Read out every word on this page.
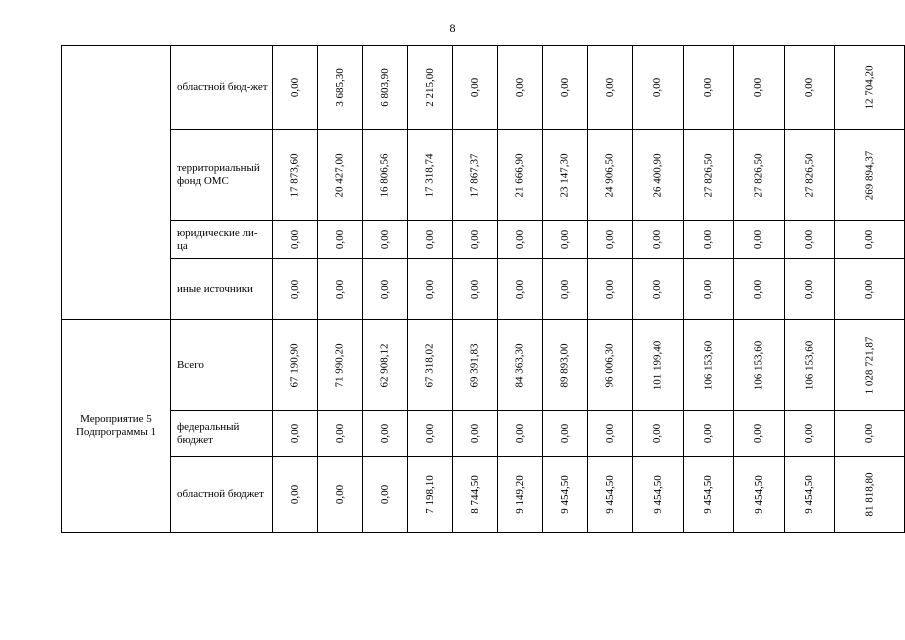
8
	областной бюд-жет	0,00	3 685,30	6 803,90	2 215,00	0,00	0,00	0,00	0,00	0,00	0,00	0,00	0,00	12 704,20
	территориальный фонд ОМС	17 873,60	20 427,00	16 806,56	17 318,74	17 867,37	21 666,90	23 147,30	24 906,50	26 400,90	27 826,50	27 826,50	27 826,50	269 894,37
	юридические ли-ца	0,00	0,00	0,00	0,00	0,00	0,00	0,00	0,00	0,00	0,00	0,00	0,00	0,00
	иные источники	0,00	0,00	0,00	0,00	0,00	0,00	0,00	0,00	0,00	0,00	0,00	0,00	0,00
Мероприятие 5 Подпрограммы 1	Всего	67 190,90	71 990,20	62 908,12	67 318,02	69 391,83	84 363,30	89 893,00	96 006,30	101 199,40	106 153,60	106 153,60	106 153,60	1 028 721,87
	федеральный бюджет	0,00	0,00	0,00	0,00	0,00	0,00	0,00	0,00	0,00	0,00	0,00	0,00	0,00
	областной бюджет	0,00	0,00	0,00	7 198,10	8 744,50	9 149,20	9 454,50	9 454,50	9 454,50	9 454,50	9 454,50	9 454,50	81 818,80
